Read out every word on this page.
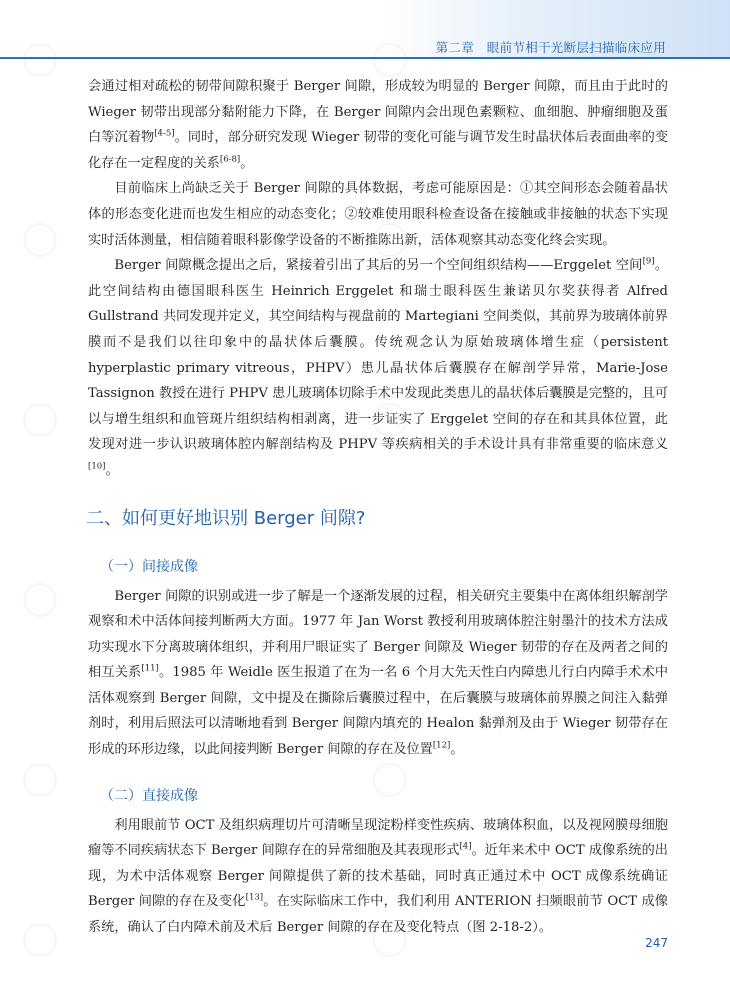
第二章　眼前节相干光断层扫描临床应用

会通过相对疏松的韧带间隙积聚于 Berger 间隙，形成较为明显的 Berger 间隙，而且由于此时的 Wieger 韧带出现部分黏附能力下降，在 Berger 间隙内会出现色素颗粒、血细胞、肿瘤细胞及蛋白等沉着物[4-5]。同时，部分研究发现 Wieger 韧带的变化可能与调节发生时晶状体后表面曲率的变化存在一定程度的关系[6-8]。

目前临床上尚缺乏关于 Berger 间隙的具体数据，考虑可能原因是：①其空间形态会随着晶状体的形态变化进而也发生相应的动态变化；②较难使用眼科检查设备在接触或非接触的状态下实现实时活体测量，相信随着眼科影像学设备的不断推陈出新，活体观察其动态变化终会实现。

Berger 间隙概念提出之后，紧接着引出了其后的另一个空间组织结构——Erggelet 空间[9]。此空间结构由德国眼科医生 Heinrich Erggelet 和瑞士眼科医生兼诺贝尔奖获得者 Alfred Gullstrand 共同发现并定义，其空间结构与视盘前的 Martegiani 空间类似，其前界为玻璃体前界膜而不是我们以往印象中的晶状体后囊膜。传统观念认为原始玻璃体增生症（persistent hyperplastic primary vitreous，PHPV）患儿晶状体后囊膜存在解剖学异常，Marie-Jose Tassignon 教授在进行 PHPV 患儿玻璃体切除手术中发现此类患儿的晶状体后囊膜是完整的，且可以与增生组织和血管斑片组织结构相剥离，进一步证实了 Erggelet 空间的存在和其具体位置，此发现对进一步认识玻璃体腔内解剖结构及 PHPV 等疾病相关的手术设计具有非常重要的临床意义[10]。

二、如何更好地识别 Berger 间隙?
（一）间接成像

Berger 间隙的识别或进一步了解是一个逐渐发展的过程，相关研究主要集中在离体组织解剖学观察和术中活体间接判断两大方面。1977 年 Jan Worst 教授利用玻璃体腔注射墨汁的技术方法成功实现水下分离玻璃体组织，并利用尸眼证实了 Berger 间隙及 Wieger 韧带的存在及两者之间的相互关系[11]。1985 年 Weidle 医生报道了在为一名 6 个月大先天性白内障患儿行白内障手术术中活体观察到 Berger 间隙，文中提及在撕除后囊膜过程中，在后囊膜与玻璃体前界膜之间注入黏弹剂时，利用后照法可以清晰地看到 Berger 间隙内填充的 Healon 黏弹剂及由于 Wieger 韧带存在形成的环形边缘，以此间接判断 Berger 间隙的存在及位置[12]。

（二）直接成像

利用眼前节 OCT 及组织病理切片可清晰呈现淀粉样变性疾病、玻璃体积血，以及视网膜母细胞瘤等不同疾病状态下 Berger 间隙存在的异常细胞及其表现形式[4]。近年来术中 OCT 成像系统的出现，为术中活体观察 Berger 间隙提供了新的技术基础，同时真正通过术中 OCT 成像系统确证 Berger 间隙的存在及变化[13]。在实际临床工作中，我们利用 ANTERION 扫频眼前节 OCT 成像系统，确认了白内障术前及术后 Berger 间隙的存在及变化特点（图 2-18-2）。

247
